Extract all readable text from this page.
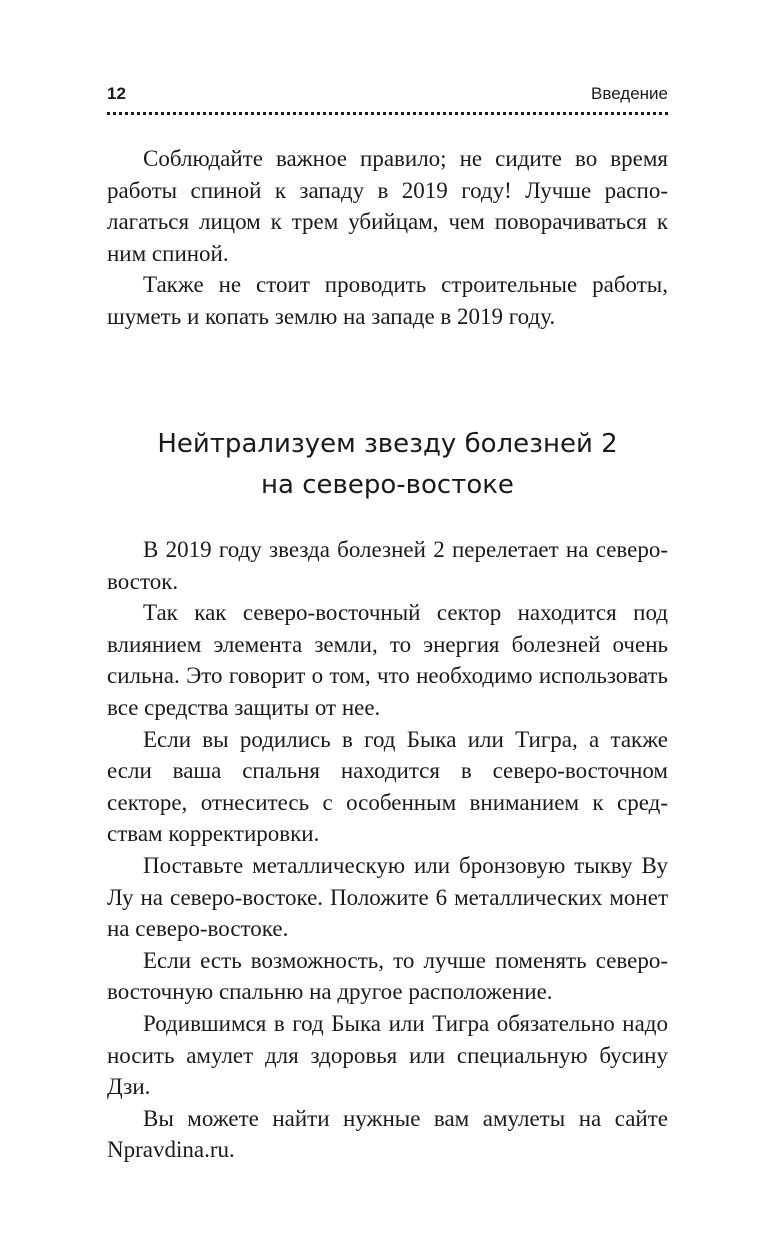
12	Введение

Соблюдайте важное правило; не сидите во время работы спиной к западу в 2019 году! Лучше располагаться лицом к трем убийцам, чем поворачиваться к ним спиной.

Также не стоит проводить строительные работы, шуметь и копать землю на западе в 2019 году.

Нейтрализуем звезду болезней 2
на северо-востоке

В 2019 году звезда болезней 2 перелетает на северо-восток.

Так как северо-восточный сектор находится под влиянием элемента земли, то энергия болезней очень сильна. Это говорит о том, что необходимо использовать все средства защиты от нее.

Если вы родились в год Быка или Тигра, а также если ваша спальня находится в северо-восточном секторе, отнеситесь с особенным вниманием к средствам корректировки.

Поставьте металлическую или бронзовую тыкву Ву Лу на северо-востоке. Положите 6 металлических монет на северо-востоке.

Если есть возможность, то лучше поменять северо-восточную спальню на другое расположение.

Родившимся в год Быка или Тигра обязательно надо носить амулет для здоровья или специальную бусину Дзи.

Вы можете найти нужные вам амулеты на сайте Npravdina.ru.
